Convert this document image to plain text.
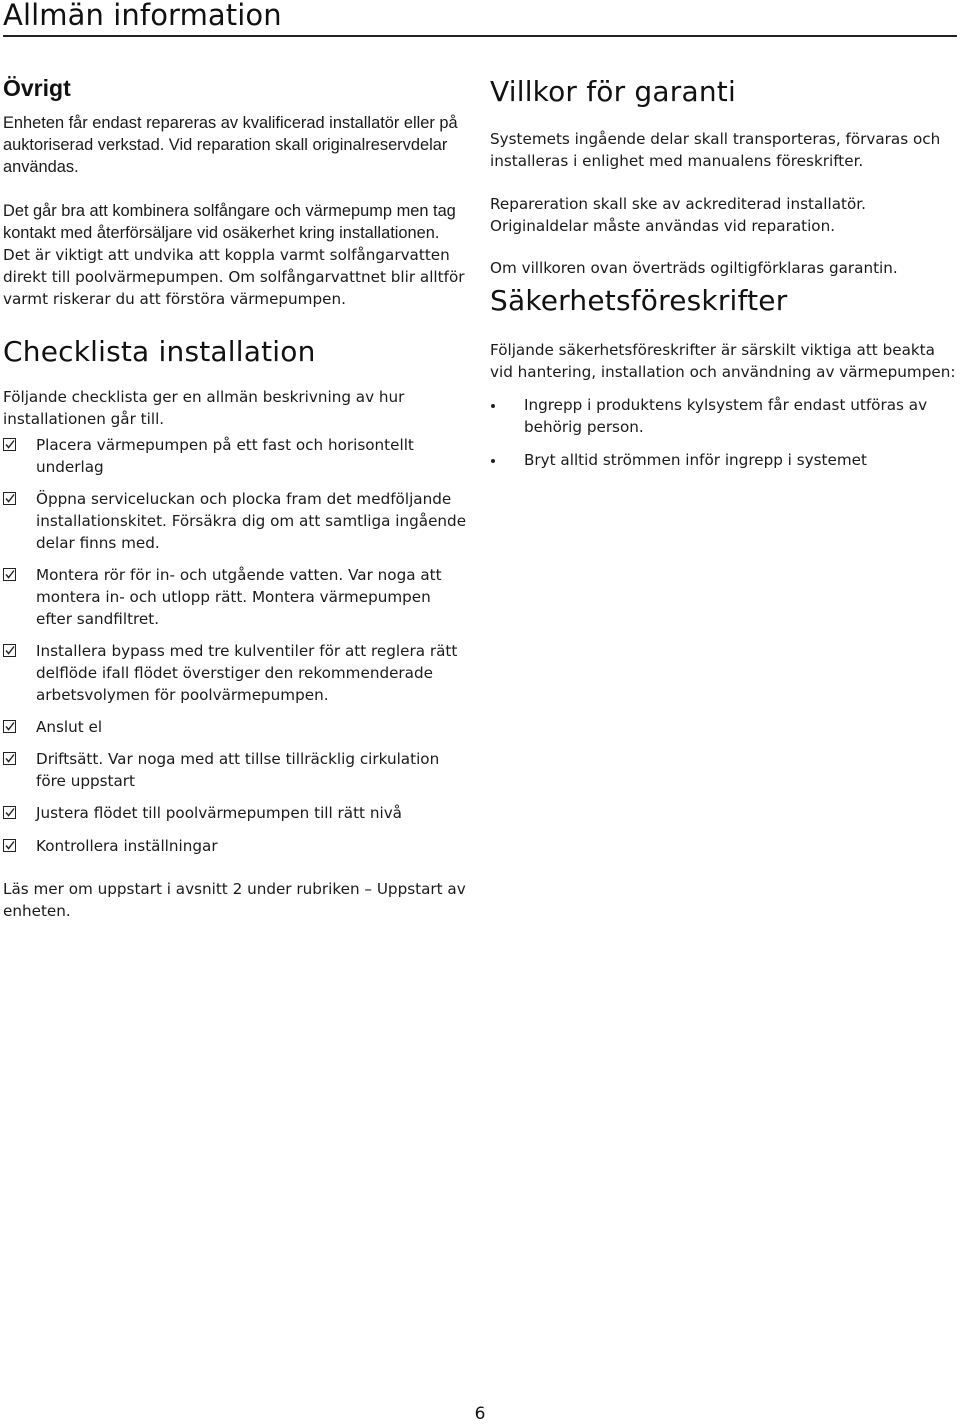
Allmän information
Övrigt

Enheten får endast repareras av kvalificerad installatör eller på auktoriserad verkstad. Vid reparation skall originalreservdelar användas.

Det går bra att kombinera solfångare och värmepump men tag kontakt med återförsäljare vid osäkerhet kring installationen. Det är viktigt att undvika att koppla varmt solfångarvatten direkt till poolvärmepumpen. Om solfångarvattnet blir alltför varmt riskerar du att förstöra värmepumpen.

Checklista installation

Följande checklista ger en allmän beskrivning av hur installationen går till.

Placera värmepumpen på ett fast och horisontellt underlag
Öppna serviceluckan och plocka fram det medföljande installationskitet. Försäkra dig om att samtliga ingående delar finns med.
Montera rör för in- och utgående vatten. Var noga att montera in- och utlopp rätt. Montera värmepumpen efter sandfiltret.
Installera bypass med tre kulventiler för att reglera rätt delflöde ifall flödet överstiger den rekommenderade arbetsvolymen för poolvärmepumpen.
Anslut el
Driftsätt. Var noga med att tillse tillräcklig cirkulation före uppstart
Justera flödet till poolvärmepumpen till rätt nivå
Kontrollera inställningar

Läs mer om uppstart i avsnitt 2 under rubriken – Uppstart av enheten.

Villkor för garanti

Systemets ingående delar skall transporteras, förvaras och installeras i enlighet med manualens föreskrifter.

Repareration skall ske av ackrediterad installatör. Originaldelar måste användas vid reparation.

Om villkoren ovan överträds ogiltigförklaras garantin.

Säkerhetsföreskrifter

Följande säkerhetsföreskrifter är särskilt viktiga att beakta vid hantering, installation och användning av värmepumpen:

Ingrepp i produktens kylsystem får endast utföras av behörig person.
Bryt alltid strömmen inför ingrepp i systemet
6
